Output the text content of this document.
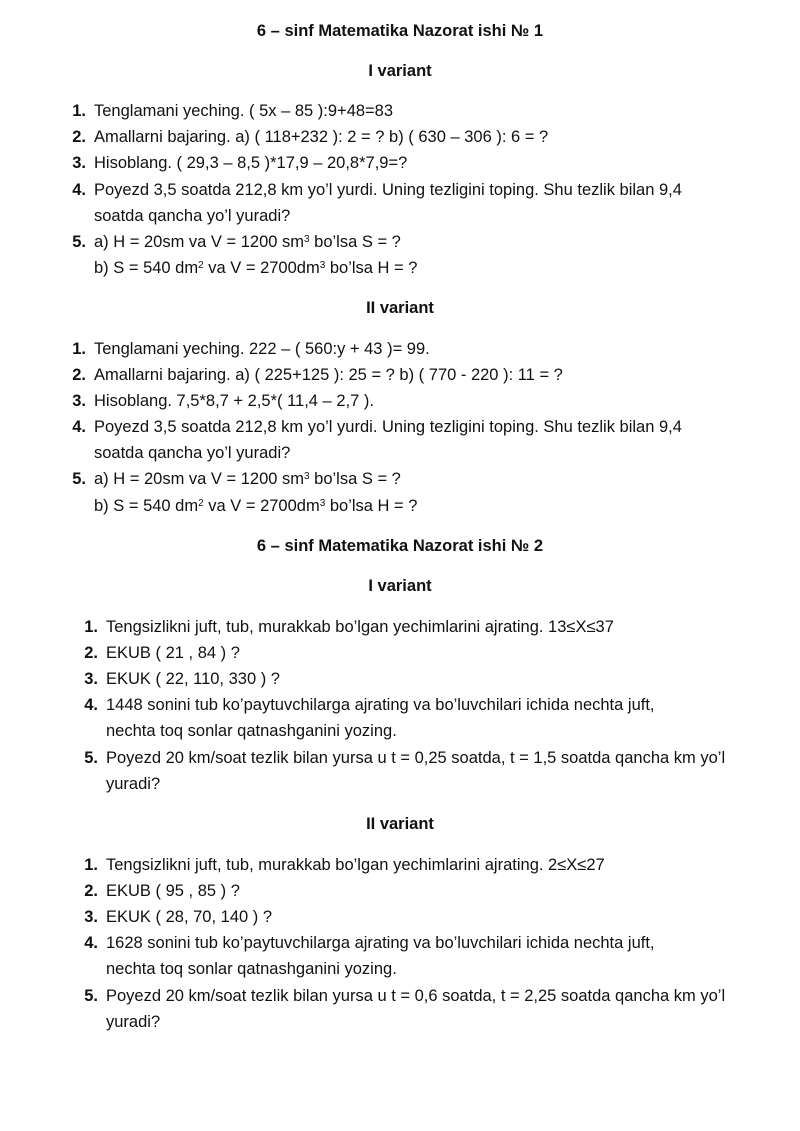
6 – sinf Matematika Nazorat ishi № 1
I variant
1. Tenglamani yeching. ( 5x – 85 ):9+48=83
2. Amallarni bajaring. a) ( 118+232 ): 2 = ? b) ( 630 – 306 ): 6 = ?
3. Hisoblang. ( 29,3 – 8,5 )*17,9 – 20,8*7,9=?
4. Poyezd 3,5 soatda 212,8 km yo’l yurdi. Uning tezligini toping. Shu tezlik bilan 9,4
soatda qancha yo’l yuradi?
5. a) H = 20sm va V = 1200 $sm^3$ bo’lsa S = ?
b) S = 540 $dm^2$ va $V = 2700dm^3$ bo’lsa H = ?
II variant
1. Tenglamani yeching. 222 – ( 560:y + 43 )= 99.
2. Amallarni bajaring. a) ( 225+125 ): 25 = ? b) ( 770 - 220 ): 11 = ?
3. Hisoblang. 7,5*8,7 + 2,5*( 11,4 – 2,7 ).
4. Poyezd 3,5 soatda 212,8 km yo’l yurdi. Uning tezligini toping. Shu tezlik bilan 9,4
soatda qancha yo’l yuradi?
5. a) H = 20sm va V = 1200 $sm^3$ bo’lsa S = ?
b) S = 540 $dm^2$ va $V = 2700dm^3$ bo’lsa H = ?
6 – sinf Matematika Nazorat ishi № 2
I variant
1. Tengsizlikni juft, tub, murakkab bo’lgan yechimlarini ajrating. 13≤X≤37
2. EKUB ( 21 , 84 ) ?
3. EKUK ( 22, 110, 330 ) ?
4. 1448 sonini tub ko’paytuvchilarga ajrating va bo’luvchilari ichida nechta juft,
nechta toq sonlar qatnashganini yozing.
5. Poyezd 20 km/soat tezlik bilan yursa u t = 0,25 soatda, t = 1,5 soatda qancha km yo’l
yuradi?
II variant
1. Tengsizlikni juft, tub, murakkab bo’lgan yechimlarini ajrating. 2≤X≤27
2. EKUB ( 95 , 85 ) ?
3. EKUK ( 28, 70, 140 ) ?
4. 1628 sonini tub ko’paytuvchilarga ajrating va bo’luvchilari ichida nechta juft,
nechta toq sonlar qatnashganini yozing.
5. Poyezd 20 km/soat tezlik bilan yursa u t = 0,6 soatda, t = 2,25 soatda qancha km yo’l
yuradi?
